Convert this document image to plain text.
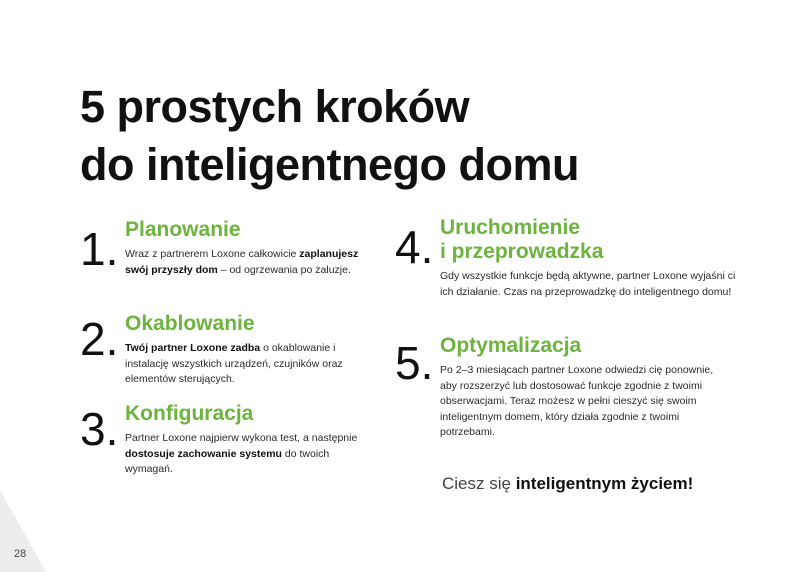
28
5 prostych kroków
do inteligentnego domu
1. Planowanie

Wraz z partnerem Loxone całkowicie zaplanujesz swój przyszły dom – od ogrzewania po żaluzje.

2. Okablowanie

Twój partner Loxone zadba o okablowanie i instalację wszystkich urządzeń, czujników oraz elementów sterujących.

3. Konfiguracja

Partner Loxone najpierw wykona test, a następnie dostosuje zachowanie systemu do twoich wymagań.

4. Uruchomienie
i przeprowadzka

Gdy wszystkie funkcje będą aktywne, partner Loxone wyjaśni ci ich działanie. Czas na przeprowadzkę do inteligentnego domu!

5. Optymalizacja

Po 2–3 miesiącach partner Loxone odwiedzi cię ponownie, aby rozszerzyć lub dostosować funkcje zgodnie z twoimi obserwacjami. Teraz możesz w pełni cieszyć się swoim inteligentnym domem, który działa zgodnie z twoimi potrzebami.

Ciesz się inteligentnym życiem!
